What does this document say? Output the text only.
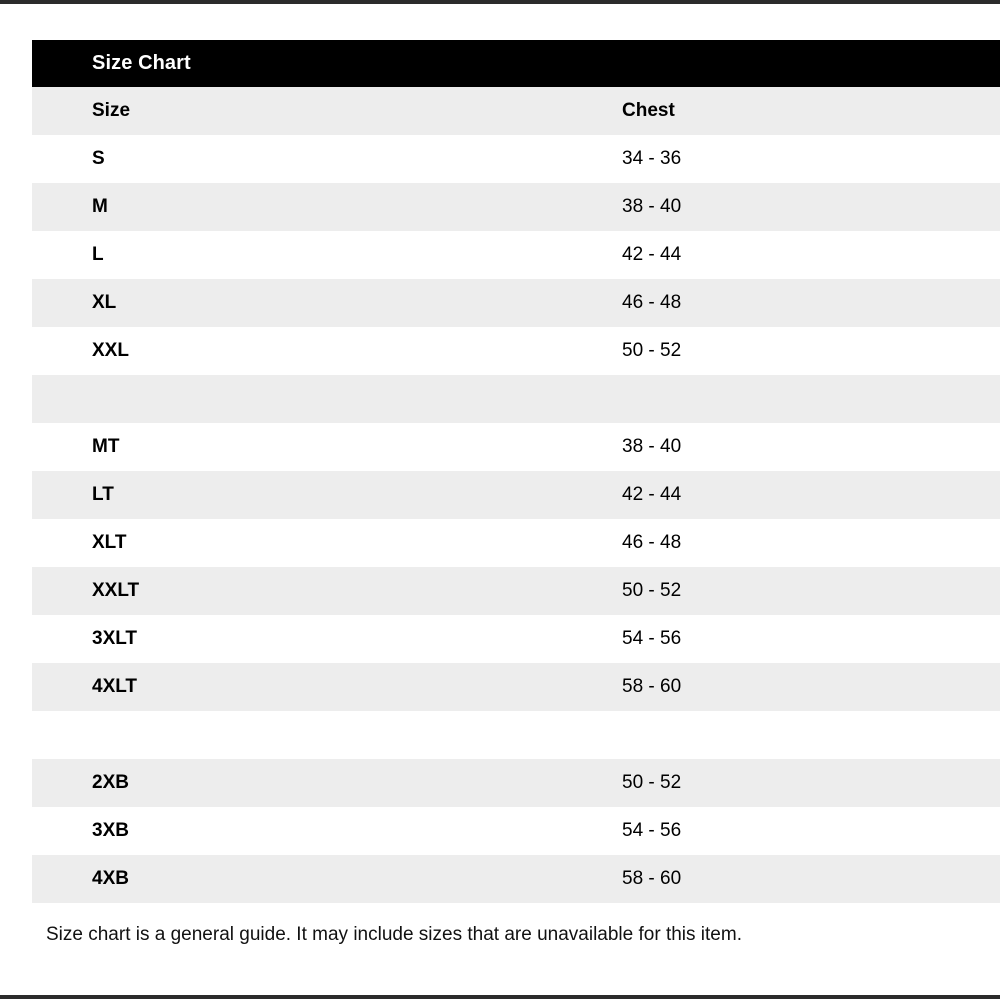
Size Chart
Size	Chest
S	34 - 36
M	38 - 40
L	42 - 44
XL	46 - 48
XXL	50 - 52

MT	38 - 40
LT	42 - 44
XLT	46 - 48
XXLT	50 - 52
3XLT	54 - 56
4XLT	58 - 60

2XB	50 - 52
3XB	54 - 56
4XB	58 - 60
Size chart is a general guide. It may include sizes that are unavailable for this item.
